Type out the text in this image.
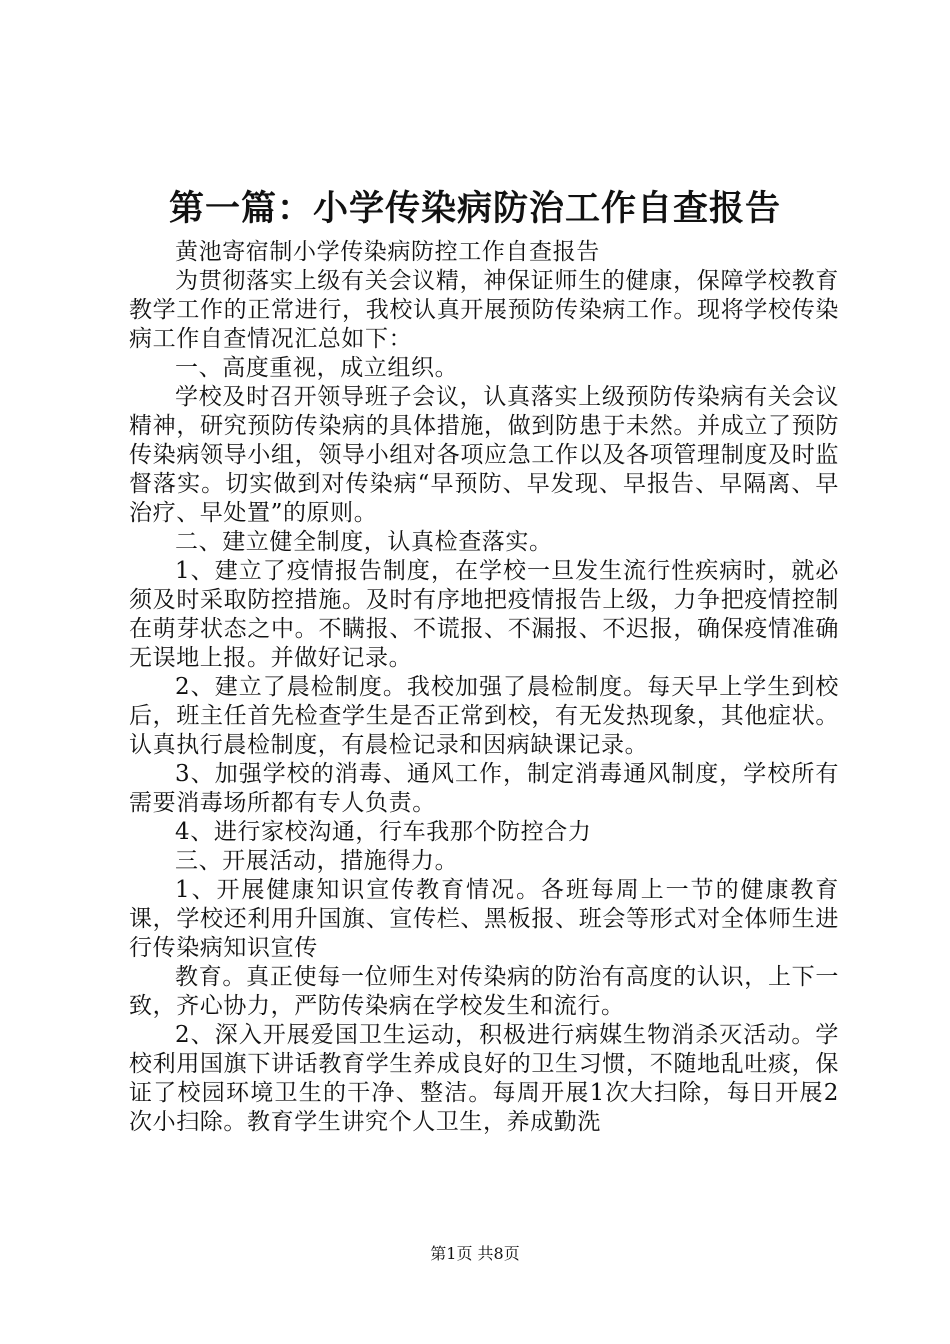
第一篇：小学传染病防治工作自查报告

黄池寄宿制小学传染病防控工作自查报告

为贯彻落实上级有关会议精，神保证师生的健康，保障学校教育教学工作的正常进行，我校认真开展预防传染病工作。现将学校传染病工作自查情况汇总如下：

一、高度重视，成立组织。

学校及时召开领导班子会议，认真落实上级预防传染病有关会议精神，研究预防传染病的具体措施，做到防患于未然。并成立了预防传染病领导小组，领导小组对各项应急工作以及各项管理制度及时监督落实。切实做到对传染病“早预防、早发现、早报告、早隔离、早治疗、早处置”的原则。

二、建立健全制度，认真检查落实。

1、建立了疫情报告制度，在学校一旦发生流行性疾病时，就必须及时采取防控措施。及时有序地把疫情报告上级，力争把疫情控制在萌芽状态之中。不瞒报、不谎报、不漏报、不迟报，确保疫情准确无误地上报。并做好记录。

2、建立了晨检制度。我校加强了晨检制度。每天早上学生到校后，班主任首先检查学生是否正常到校，有无发热现象，其他症状。认真执行晨检制度，有晨检记录和因病缺课记录。

3、加强学校的消毒、通风工作，制定消毒通风制度，学校所有需要消毒场所都有专人负责。

4、进行家校沟通，行车我那个防控合力

三、开展活动，措施得力。

1、开展健康知识宣传教育情况。各班每周上一节的健康教育课，学校还利用升国旗、宣传栏、黑板报、班会等形式对全体师生进行传染病知识宣传

教育。真正使每一位师生对传染病的防治有高度的认识，上下一致，齐心协力，严防传染病在学校发生和流行。

2、深入开展爱国卫生运动，积极进行病媒生物消杀灭活动。学校利用国旗下讲话教育学生养成良好的卫生习惯，不随地乱吐痰，保证了校园环境卫生的干净、整洁。每周开展1次大扫除，每日开展2次小扫除。教育学生讲究个人卫生，养成勤洗

第1页 共8页
